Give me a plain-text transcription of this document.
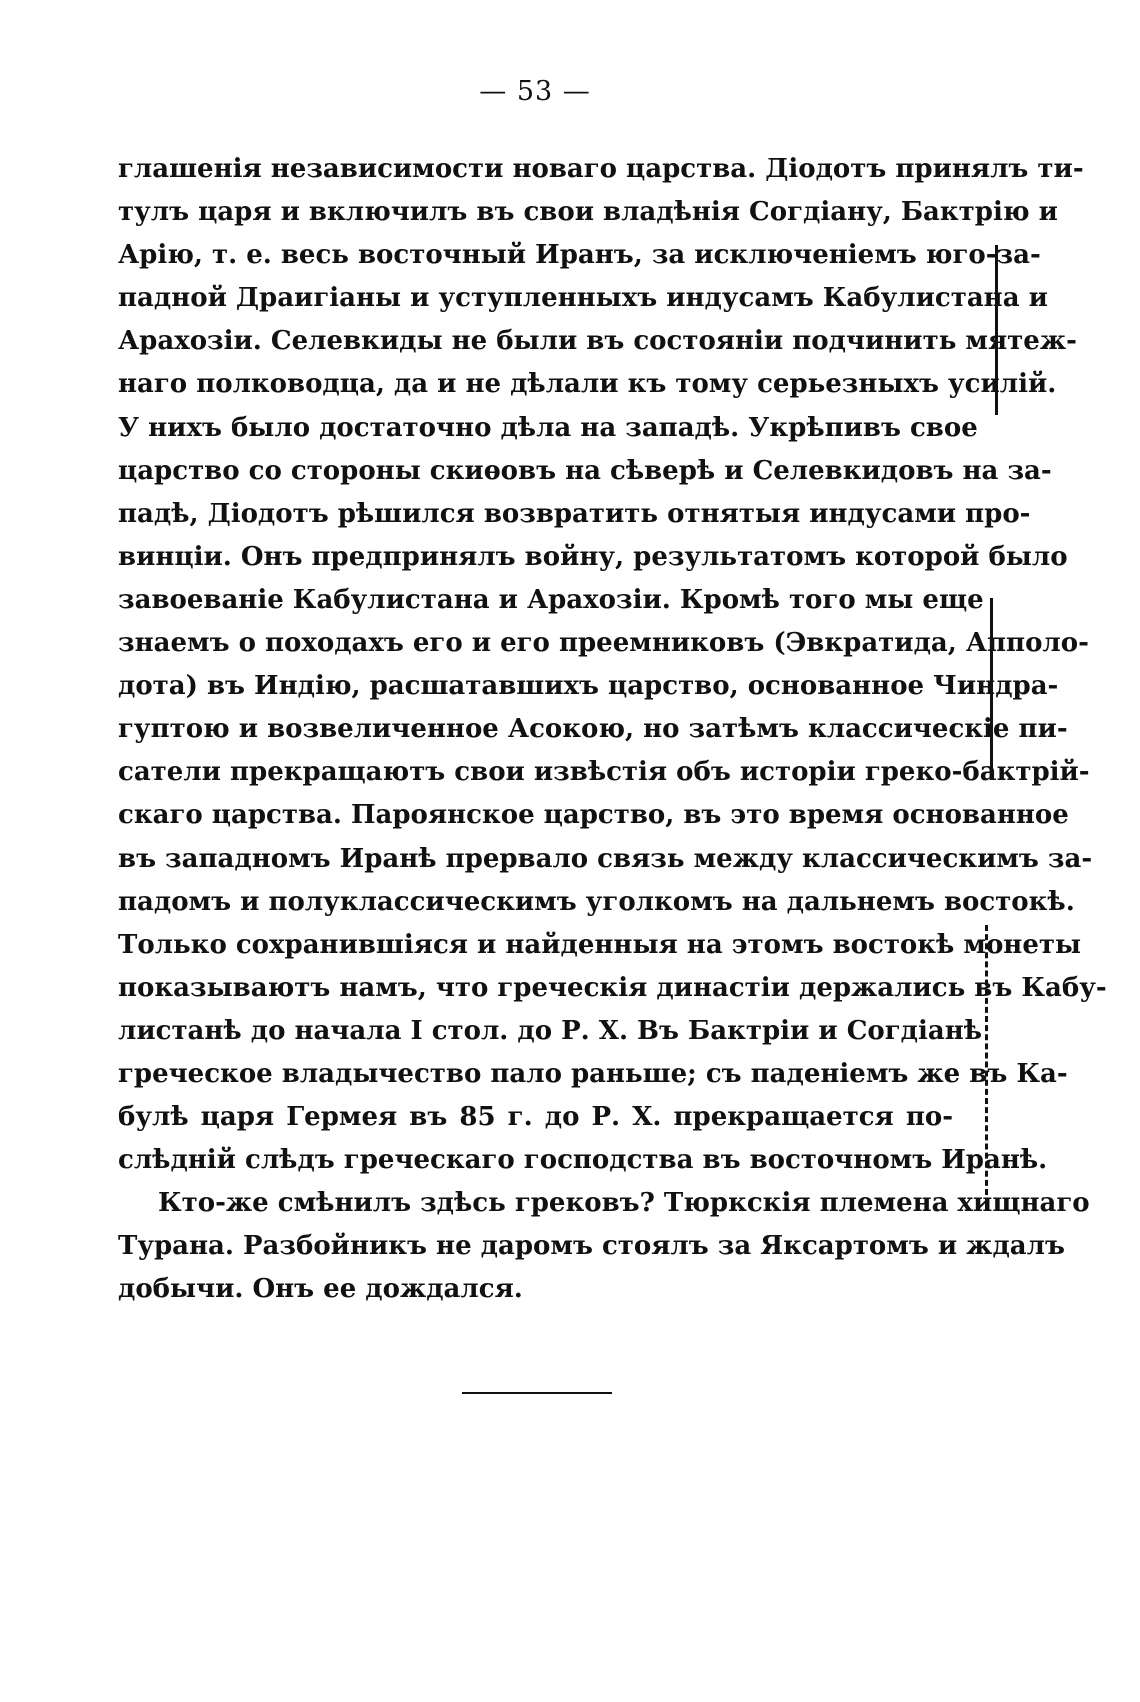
— 53 —
глашенія независимости новаго царства. Діодотъ принялъ ти-
тулъ царя и включилъ въ свои владѣнія Согдіану, Бактрію и
Арію, т. е. весь восточный Иранъ, за исключеніемъ юго-за-
падной Драигіаны и уступленныхъ индусамъ Кабулистана и
Арахозіи. Селевкиды не были въ состояніи подчинить мятеж-
наго полководца, да и не дѣлали къ тому серьезныхъ усилій.
У нихъ было достаточно дѣла на западѣ. Укрѣпивъ свое
царство со стороны скиѳовъ на сѣверѣ и Селевкидовъ на за-
падѣ, Діодотъ рѣшился возвратить отнятыя индусами про-
винціи. Онъ предпринялъ войну, результатомъ которой было
завоеваніе Кабулистана и Арахозіи. Кромѣ того мы еще
знаемъ о походахъ его и его преемниковъ (Эвкратида, Апполо-
дота) въ Индію, расшатавшихъ царство, основанное Чиндра-
гуптою и возвеличенное Асокою, но затѣмъ классическіе пи-
сатели прекращаютъ свои извѣстія объ исторіи греко-бактрій-
скаго царства. Пароянское царство, въ это время основанное
въ западномъ Иранѣ прервало связь между классическимъ за-
падомъ и полуклассическимъ уголкомъ на дальнемъ востокѣ.
Только сохранившіяся и найденныя на этомъ востокѣ монеты
показываютъ намъ, что греческія династіи держались въ Кабу-
листанѣ до начала I стол. до Р. Х. Въ Бактріи и Согдіанѣ
греческое владычество пало раньше; съ паденіемъ же въ Ка-
булѣ царя Гермея въ 85 г. до Р. Х. прекращается по-
слѣдній слѣдъ греческаго господства въ восточномъ Иранѣ.
Кто-же смѣнилъ здѣсь грековъ? Тюркскія племена хищнаго
Турана. Разбойникъ не даромъ стоялъ за Яксартомъ и ждалъ
добычи. Онъ ее дождался.
